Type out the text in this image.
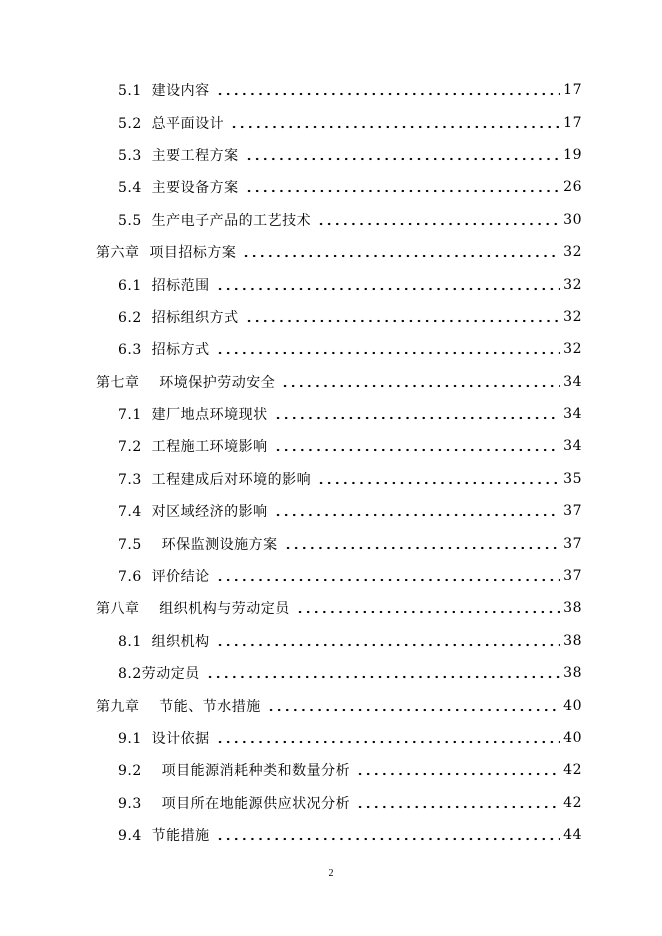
5.1  建设内容	17
5.2  总平面设计	17
5.3  主要工程方案	19
5.4  主要设备方案	26
5.5  生产电子产品的工艺技术	30
第六章  项目招标方案	32
6.1  招标范围	32
6.2  招标组织方式	32
6.3  招标方式	32
第七章    环境保护劳动安全	34
7.1  建厂地点环境现状	34
7.2  工程施工环境影响	34
7.3  工程建成后对环境的影响	35
7.4  对区域经济的影响	37
7.5    环保监测设施方案	37
7.6  评价结论	37
第八章    组织机构与劳动定员	38
8.1  组织机构	38
8.2劳动定员	38
第九章    节能、节水措施	40
9.1  设计依据	40
9.2    项目能源消耗种类和数量分析	42
9.3    项目所在地能源供应状况分析	42
9.4  节能措施	44
2
